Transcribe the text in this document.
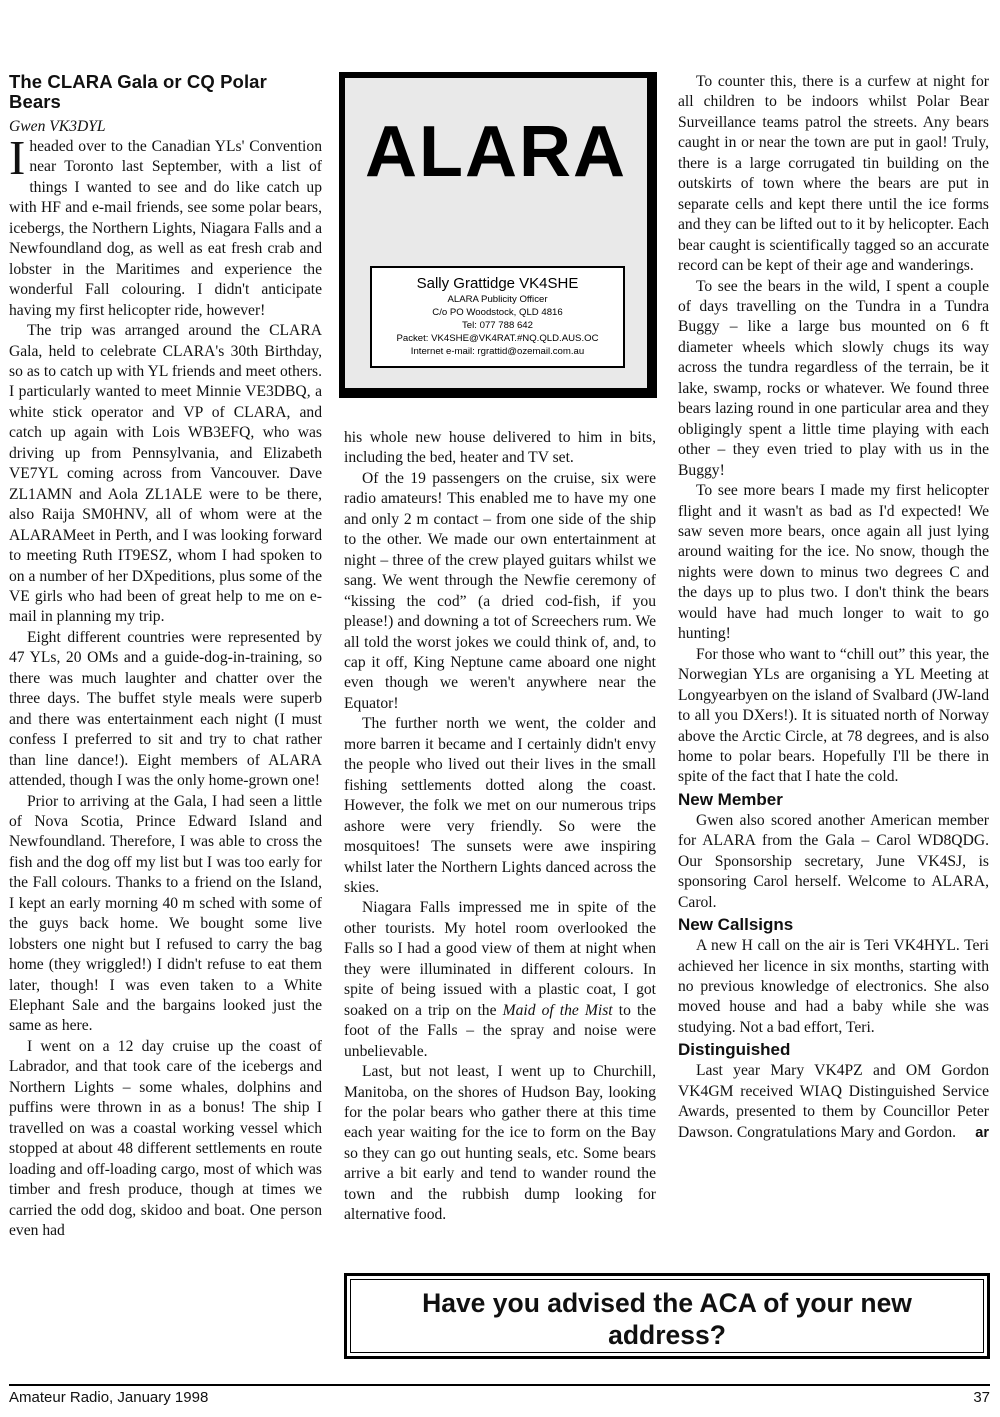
The CLARA Gala or CQ Polar Bears
Gwen VK3DYL

Iheaded over to the Canadian YLs' Convention near Toronto last September, with a list of things I wanted to see and do like catch up with HF and e-mail friends, see some polar bears, icebergs, the Northern Lights, Niagara Falls and a Newfoundland dog, as well as eat fresh crab and lobster in the Maritimes and experience the wonderful Fall colouring. I didn't anticipate having my first helicopter ride, however!

The trip was arranged around the CLARA Gala, held to celebrate CLARA's 30th Birthday, so as to catch up with YL friends and meet others. I particularly wanted to meet Minnie VE3DBQ, a white stick operator and VP of CLARA, and catch up again with Lois WB3EFQ, who was driving up from Pennsylvania, and Elizabeth VE7YL coming across from Vancouver. Dave ZL1AMN and Aola ZL1ALE were to be there, also Raija SM0HNV, all of whom were at the ALARAMeet in Perth, and I was looking forward to meeting Ruth IT9ESZ, whom I had spoken to on a number of her DXpeditions, plus some of the VE girls who had been of great help to me on e-mail in planning my trip.

Eight different countries were represented by 47 YLs, 20 OMs and a guide-dog-in-training, so there was much laughter and chatter over the three days. The buffet style meals were superb and there was entertainment each night (I must confess I preferred to sit and try to chat rather than line dance!). Eight members of ALARA attended, though I was the only home-grown one!

Prior to arriving at the Gala, I had seen a little of Nova Scotia, Prince Edward Island and Newfoundland. Therefore, I was able to cross the fish and the dog off my list but I was too early for the Fall colours. Thanks to a friend on the Island, I kept an early morning 40 m sched with some of the guys back home. We bought some live lobsters one night but I refused to carry the bag home (they wriggled!) I didn't refuse to eat them later, though! I was even taken to a White Elephant Sale and the bargains looked just the same as here.

I went on a 12 day cruise up the coast of Labrador, and that took care of the icebergs and Northern Lights – some whales, dolphins and puffins were thrown in as a bonus! The ship I travelled on was a coastal working vessel which stopped at about 48 different settlements en route loading and off-loading cargo, most of which was timber and fresh produce, though at times we carried the odd dog, skidoo and boat. One person even had

ALARA
Sally Grattidge VK4SHE
ALARA Publicity Officer
C/o PO Woodstock, QLD 4816
Tel: 077 788 642
Packet: VK4SHE@VK4RAT.#NQ.QLD.AUS.OC
Internet e-mail: rgrattid@ozemail.com.au

his whole new house delivered to him in bits, including the bed, heater and TV set.

Of the 19 passengers on the cruise, six were radio amateurs! This enabled me to have my one and only 2 m contact – from one side of the ship to the other. We made our own entertainment at night – three of the crew played guitars whilst we sang. We went through the Newfie ceremony of “kissing the cod” (a dried cod-fish, if you please!) and downing a tot of Screechers rum. We all told the worst jokes we could think of, and, to cap it off, King Neptune came aboard one night even though we weren't anywhere near the Equator!

The further north we went, the colder and more barren it became and I certainly didn't envy the people who lived out their lives in the small fishing settlements dotted along the coast. However, the folk we met on our numerous trips ashore were very friendly. So were the mosquitoes! The sunsets were awe inspiring whilst later the Northern Lights danced across the skies.

Niagara Falls impressed me in spite of the other tourists. My hotel room overlooked the Falls so I had a good view of them at night when they were illuminated in different colours. In spite of being issued with a plastic coat, I got soaked on a trip on the Maid of the Mist to the foot of the Falls – the spray and noise were unbelievable.

Last, but not least, I went up to Churchill, Manitoba, on the shores of Hudson Bay, looking for the polar bears who gather there at this time each year waiting for the ice to form on the Bay so they can go out hunting seals, etc. Some bears arrive a bit early and tend to wander round the town and the rubbish dump looking for alternative food.

To counter this, there is a curfew at night for all children to be indoors whilst Polar Bear Surveillance teams patrol the streets. Any bears caught in or near the town are put in gaol! Truly, there is a large corrugated tin building on the outskirts of town where the bears are put in separate cells and kept there until the ice forms and they can be lifted out to it by helicopter. Each bear caught is scientifically tagged so an accurate record can be kept of their age and wanderings.

To see the bears in the wild, I spent a couple of days travelling on the Tundra in a Tundra Buggy – like a large bus mounted on 6 ft diameter wheels which slowly chugs its way across the tundra regardless of the terrain, be it lake, swamp, rocks or whatever. We found three bears lazing round in one particular area and they obligingly spent a little time playing with each other – they even tried to play with us in the Buggy!

To see more bears I made my first helicopter flight and it wasn't as bad as I'd expected! We saw seven more bears, once again all just lying around waiting for the ice. No snow, though the nights were down to minus two degrees C and the days up to plus two. I don't think the bears would have had much longer to wait to go hunting!

For those who want to “chill out” this year, the Norwegian YLs are organising a YL Meeting at Longyearbyen on the island of Svalbard (JW-land to all you DXers!). It is situated north of Norway above the Arctic Circle, at 78 degrees, and is also home to polar bears. Hopefully I'll be there in spite of the fact that I hate the cold.

New Member

Gwen also scored another American member for ALARA from the Gala – Carol WD8QDG. Our Sponsorship secretary, June VK4SJ, is sponsoring Carol herself. Welcome to ALARA, Carol.

New Callsigns

A new H call on the air is Teri VK4HYL. Teri achieved her licence in six months, starting with no previous knowledge of electronics. She also moved house and had a baby while she was studying. Not a bad effort, Teri.

Distinguished

Last year Mary VK4PZ and OM Gordon VK4GM received WIAQ Distinguished Service Awards, presented to them by Councillor Peter Dawson. Congratulations Mary and Gordon.	ar

Have you advised the ACA of your new
address?
Amateur Radio, January 1998	37
